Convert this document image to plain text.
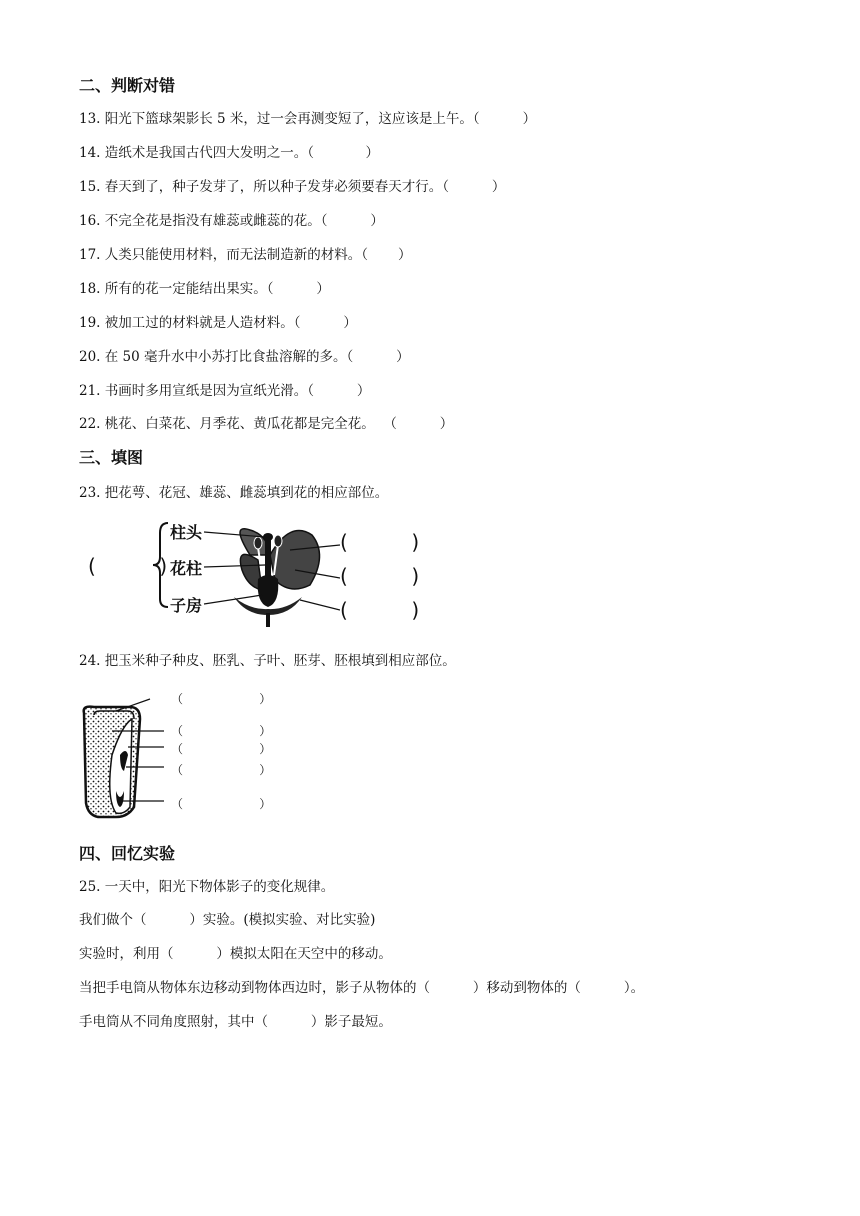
二、判断对错
13. 阳光下篮球架影长 5 米，过一会再测变短了，这应该是上午。（          ）
14. 造纸术是我国古代四大发明之一。（            ）
15. 春天到了，种子发芽了，所以种子发芽必须要春天才行。（          ）
16. 不完全花是指没有雄蕊或雌蕊的花。（          ）
17. 人类只能使用材料，而无法制造新的材料。（       ）
18. 所有的花一定能结出果实。（          ）
19. 被加工过的材料就是人造材料。（          ）
20. 在 50 毫升水中小苏打比食盐溶解的多。（          ）
21. 书画时多用宣纸是因为宣纸光滑。（          ）
22. 桃花、白菜花、月季花、黄瓜花都是完全花。  （          ）
三、填图
23. 把花萼、花冠、雄蕊、雌蕊填到花的相应部位。
(          )
柱头
花柱
子房
(          )
(          )
(          )
24. 把玉米种子种皮、胚乳、子叶、胚芽、胚根填到相应部位。
（                    ）
（                    ）
（                    ）
（                    ）
（                    ）
四、回忆实验
25. 一天中，阳光下物体影子的变化规律。
我们做个（          ）实验。(模拟实验、对比实验)
实验时，利用（          ）模拟太阳在天空中的移动。
当把手电筒从物体东边移动到物体西边时，影子从物体的（          ）移动到物体的（          ）。
手电筒从不同角度照射，其中（          ）影子最短。
